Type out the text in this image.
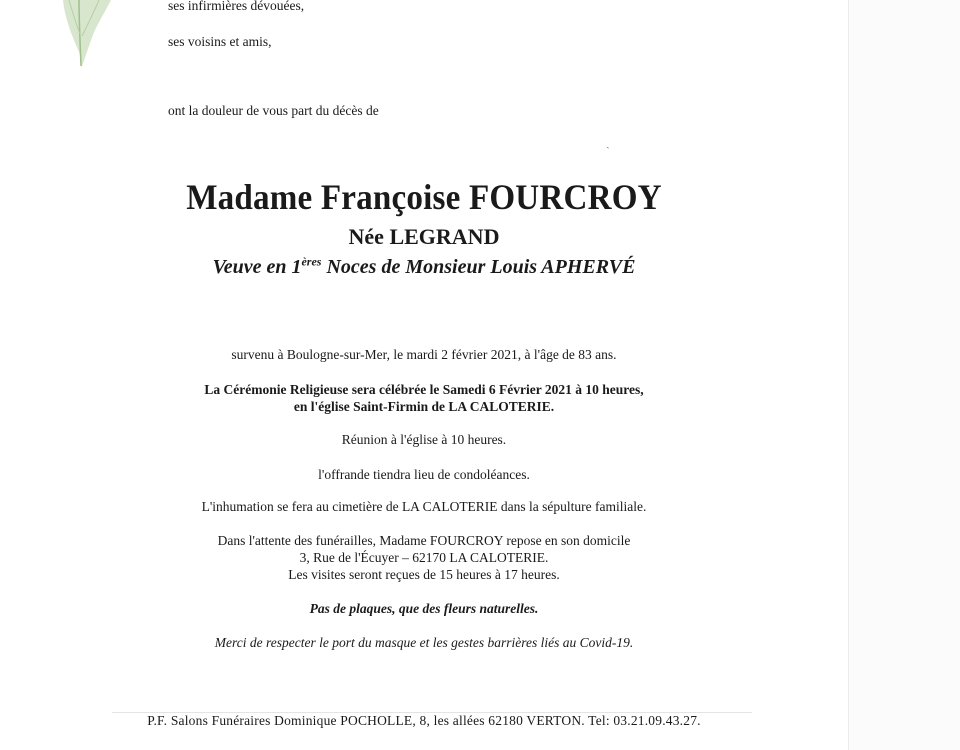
ses infirmières dévouées,
ses voisins et amis,
ont la douleur de vous part du décès de
ˏ
Madame Françoise FOURCROY
Née LEGRAND
Veuve en 1ères Noces de Monsieur Louis APHERVÉ
survenu à Boulogne-sur-Mer, le mardi 2 février 2021, à l'âge de 83 ans.
La Cérémonie Religieuse sera célébrée le Samedi 6 Février 2021 à 10 heures,
en l'église Saint-Firmin de LA CALOTERIE.
Réunion à l'église à 10 heures.
l'offrande tiendra lieu de condoléances.
L'inhumation se fera au cimetière de LA CALOTERIE dans la sépulture familiale.
Dans l'attente des funérailles, Madame FOURCROY repose en son domicile
3, Rue de l'Écuyer – 62170 LA CALOTERIE.
Les visites seront reçues de 15 heures à 17 heures.
Pas de plaques, que des fleurs naturelles.
Merci de respecter le port du masque et les gestes barrières liés au Covid-19.
P.F. Salons Funéraires Dominique POCHOLLE, 8, les allées 62180 VERTON. Tel: 03.21.09.43.27.
